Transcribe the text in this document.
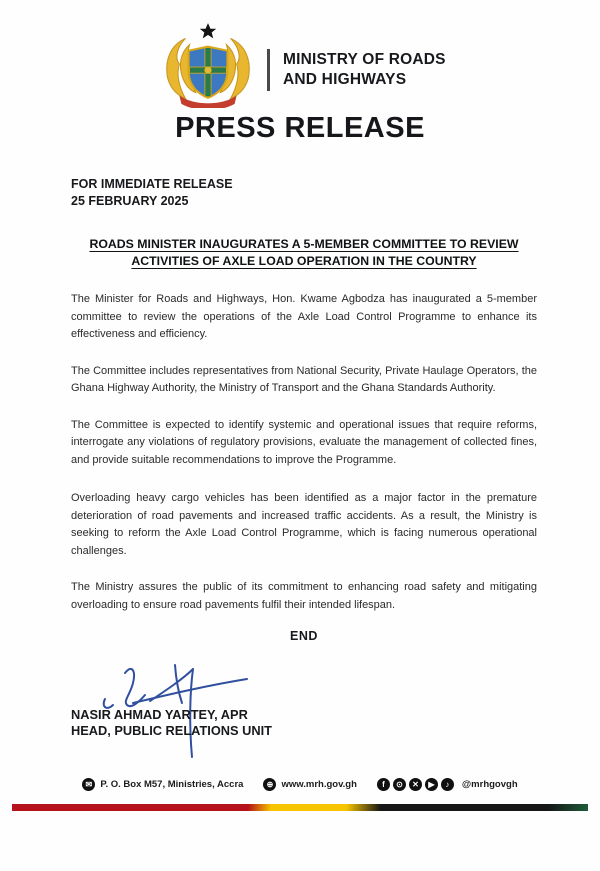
MINISTRY OF ROADS
AND HIGHWAYS
PRESS RELEASE
FOR IMMEDIATE RELEASE
25 FEBRUARY 2025
ROADS MINISTER INAUGURATES A 5-MEMBER COMMITTEE TO REVIEW
ACTIVITIES OF AXLE LOAD OPERATION IN THE COUNTRY

The Minister for Roads and Highways, Hon. Kwame Agbodza has inaugurated a 5-member committee to review the operations of the Axle Load Control Programme to enhance its effectiveness and efficiency.

The Committee includes representatives from National Security, Private Haulage Operators, the Ghana Highway Authority, the Ministry of Transport and the Ghana Standards Authority.

The Committee is expected to identify systemic and operational issues that require reforms, interrogate any violations of regulatory provisions, evaluate the management of collected fines, and provide suitable recommendations to improve the Programme.

Overloading heavy cargo vehicles has been identified as a major factor in the premature deterioration of road pavements and increased traffic accidents. As a result, the Ministry is seeking to reform the Axle Load Control Programme, which is facing numerous operational challenges.

The Ministry assures the public of its commitment to enhancing road safety and mitigating overloading to ensure road pavements fulfil their intended lifespan.

END
NASIR AHMAD YARTEY, APR
HEAD, PUBLIC RELATIONS UNIT
✉ P. O. Box M57, Ministries, Accra	⊕ www.mrh.gov.gh	f	⊙	✕	▶	♪	@mrhgovgh
